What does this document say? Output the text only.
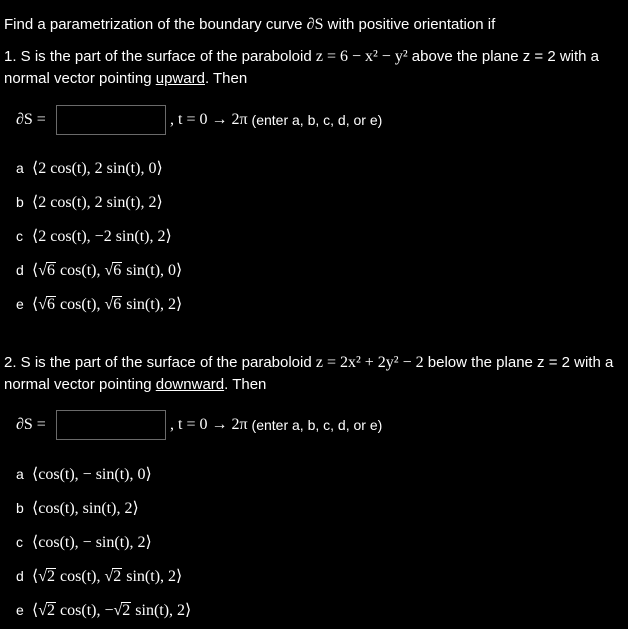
Find a parametrization of the boundary curve ∂S with positive orientation if

1. S is the part of the surface of the paraboloid z = 6 − x² − y² above the plane z = 2 with a normal vector pointing upward. Then

∂S =	, t = 0 → 2π (enter a, b, c, d, or e)
a ⟨2 cos(t), 2 sin(t), 0⟩
b ⟨2 cos(t), 2 sin(t), 2⟩
c ⟨2 cos(t), −2 sin(t), 2⟩
d ⟨√6 cos(t), √6 sin(t), 0⟩
e ⟨√6 cos(t), √6 sin(t), 2⟩

2. S is the part of the surface of the paraboloid z = 2x² + 2y² − 2 below the plane z = 2 with a normal vector pointing downward. Then

∂S =	, t = 0 → 2π (enter a, b, c, d, or e)
a ⟨cos(t), − sin(t), 0⟩
b ⟨cos(t), sin(t), 2⟩
c ⟨cos(t), − sin(t), 2⟩
d ⟨√2 cos(t), √2 sin(t), 2⟩
e ⟨√2 cos(t), −√2 sin(t), 2⟩
